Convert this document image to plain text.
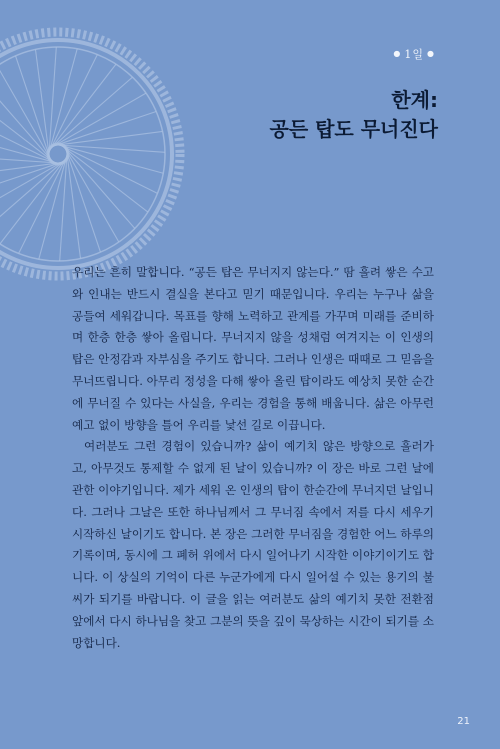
● 1일 ●
한계:
공든 탑도 무너진다

우리는 흔히 말합니다. “공든 탑은 무너지지 않는다.” 땀 흘려 쌓은 수고와 인내는 반드시 결실을 본다고 믿기 때문입니다. 우리는 누구나 삶을 공들여 세워갑니다. 목표를 향해 노력하고 관계를 가꾸며 미래를 준비하며 한층 한층 쌓아 올립니다. 무너지지 않을 성채럼 여겨지는 이 인생의 탑은 안정감과 자부심을 주기도 합니다. 그러나 인생은 때때로 그 믿음을 무너뜨립니다. 아무리 정성을 다해 쌓아 올린 탑이라도 예상치 못한 순간에 무너질 수 있다는 사실을, 우리는 경험을 통해 배웁니다. 삶은 아무런 예고 없이 방향을 틀어 우리를 낯선 길로 이끕니다.

여러분도 그런 경험이 있습니까? 삶이 예기치 않은 방향으로 흘러가고, 아무것도 통제할 수 없게 된 날이 있습니까? 이 장은 바로 그런 날에 관한 이야기입니다. 제가 세워 온 인생의 탑이 한순간에 무너지던 날입니다. 그러나 그날은 또한 하나님께서 그 무너짐 속에서 저를 다시 세우기 시작하신 날이기도 합니다. 본 장은 그러한 무너짐을 경험한 어느 하루의 기록이며, 동시에 그 폐허 위에서 다시 일어나기 시작한 이야기이기도 합니다. 이 상실의 기억이 다른 누군가에게 다시 일어설 수 있는 용기의 불씨가 되기를 바랍니다. 이 글을 읽는 여러분도 삶의 예기치 못한 전환점 앞에서 다시 하나님을 찾고 그분의 뜻을 깊이 묵상하는 시간이 되기를 소망합니다.

21
